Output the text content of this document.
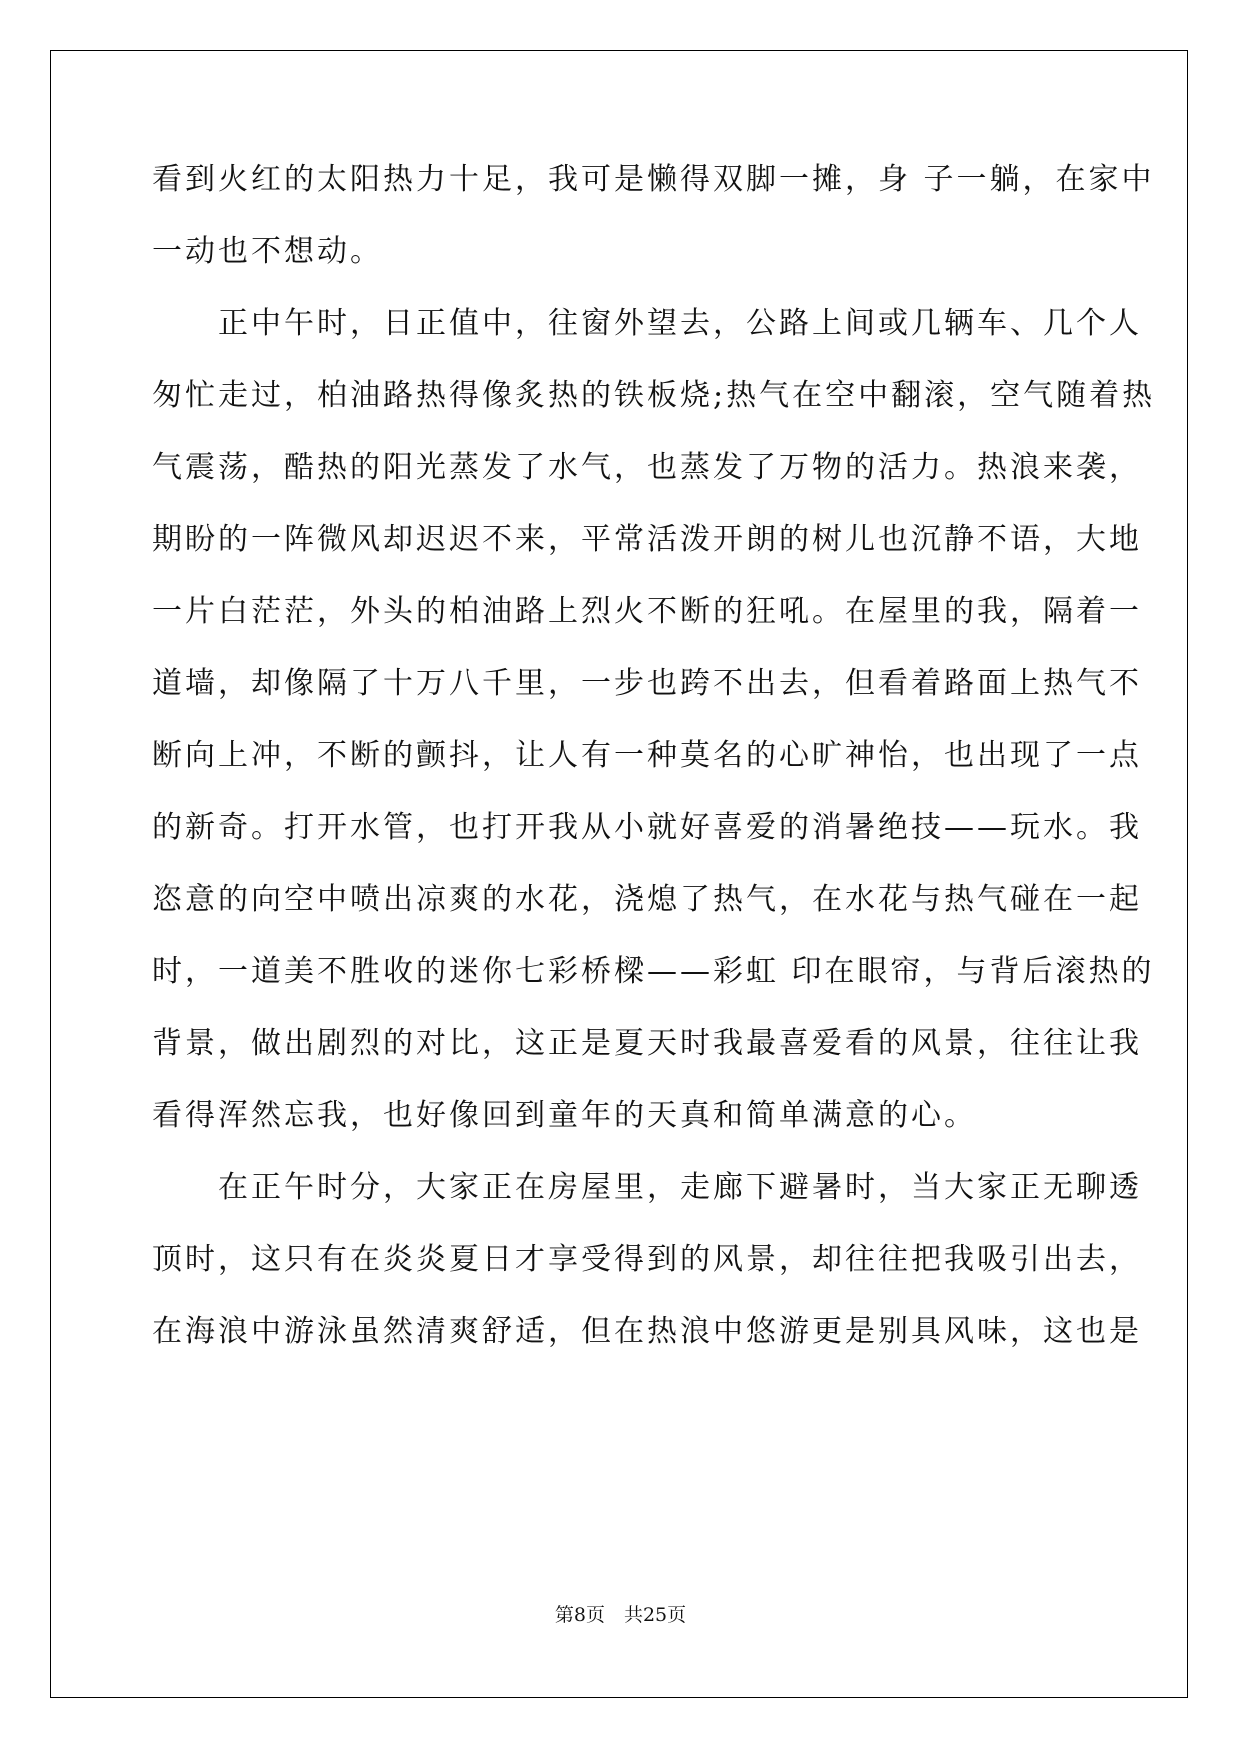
看到火红的太阳热力十足，我可是懒得双脚一摊，身 子一躺，在家中
一动也不想动。
　　正中午时，日正值中，往窗外望去，公路上间或几辆车、几个人
匆忙走过，柏油路热得像炙热的铁板烧;热气在空中翻滚，空气随着热
气震荡，酷热的阳光蒸发了水气，也蒸发了万物的活力。热浪来袭，
期盼的一阵微风却迟迟不来，平常活泼开朗的树儿也沉静不语，大地
一片白茫茫，外头的柏油路上烈火不断的狂吼。在屋里的我，隔着一
道墙，却像隔了十万八千里，一步也跨不出去，但看着路面上热气不
断向上冲，不断的颤抖，让人有一种莫名的心旷神怡，也出现了一点
的新奇。打开水管，也打开我从小就好喜爱的消暑绝技——玩水。我
恣意的向空中喷出凉爽的水花，浇熄了热气，在水花与热气碰在一起
时，一道美不胜收的迷你七彩桥樑——彩虹 印在眼帘，与背后滚热的
背景，做出剧烈的对比，这正是夏天时我最喜爱看的风景，往往让我
看得浑然忘我，也好像回到童年的天真和简单满意的心。
　　在正午时分，大家正在房屋里，走廊下避暑时，当大家正无聊透
顶时，这只有在炎炎夏日才享受得到的风景，却往往把我吸引出去，
在海浪中游泳虽然清爽舒适，但在热浪中悠游更是别具风味，这也是
第8页　共25页
